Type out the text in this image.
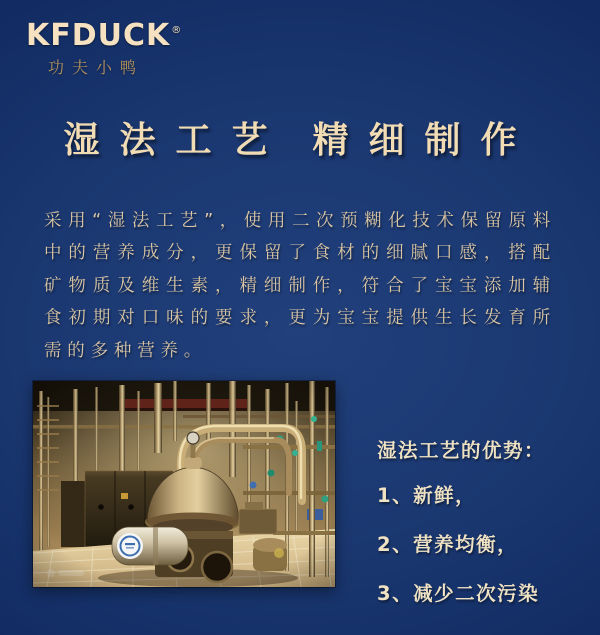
KFDUCK®
功夫小鸭
湿法工艺 精细制作

采用“湿法工艺”，使用二次预糊化技术保留原料中的营养成分，更保留了食材的细腻口感，搭配矿物质及维生素，精细制作，符合了宝宝添加辅食初期对口味的要求，更为宝宝提供生长发育所需的多种营养。

湿法工艺的优势：
1、新鲜，
2、营养均衡，
3、减少二次污染
